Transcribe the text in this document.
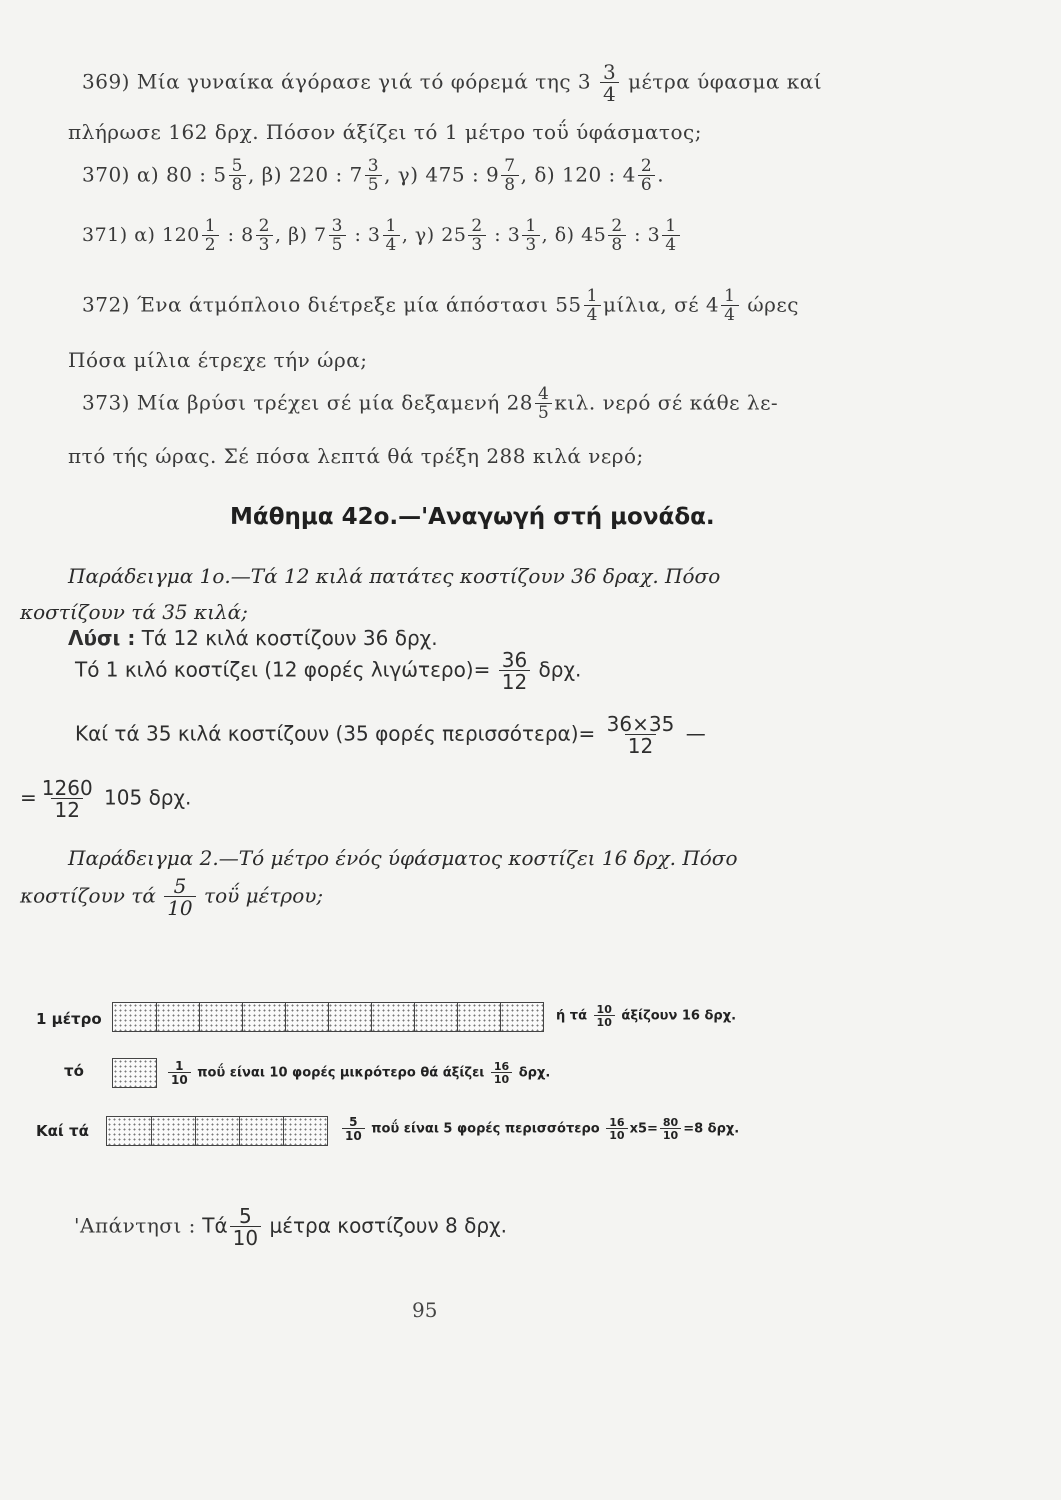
369) Μία γυναίκα άγόρασε γιά τό φόρεμά της $3 \frac{3}{4}$ μέτρα ύφασμα καί
πλήρωσε 162 δρχ. Πόσον άξίζει τό 1 μέτρο τοΰ ύφάσματος;
370) α) 80 : $5 \frac{5}{8}$ , β) 220 : $7 \frac{3}{5}$ , γ) 475 : $9 \frac{7}{8}$ , δ) 120 : $4 \frac{2}{6}$ .
371) α) $120 \frac{1}{2}$ : $8 \frac{2}{3}$ , β) $7 \frac{3}{5}$ : $3 \frac{1}{4}$ , γ) $25 \frac{2}{3}$ : $3 \frac{1}{3}$ , δ) $45 \frac{2}{8}$ : $3 \frac{1}{4}$
372) Ένα άτμόπλοιο διέτρεξε μία άπόστασι $55 \frac{1}{4} \mu ί\lambda\iota\alpha$, σέ $4 \frac{1}{4}$ ώρες
Πόσα μίλια έτρεχε τήν ώρα;
373) Μία βρύσι τρέχει σέ μία δεξαμενή $28 \frac{4}{5} \kappa\iota\lambda$. νερό σέ κάθε λε-
πτό τής ώρας. Σέ πόσα λεπτά θά τρέξη 288 κιλά νερό;
Μάθημα 42ο.—'Αναγωγή στή μονάδα.
Παράδειγμα 1ο.—Τά 12 κιλά πατάτες κοστίζουν 36 δραχ. Πόσο
κοστίζουν τά 35 κιλά;
Λύσι : Τά 12 κιλά κοστίζουν 36 δρχ.
Τό 1 κιλό κοστίζει (12 φορές $\lambda\iota\gamma ώ\tau\varepsilon\rho o)= \frac{36}{12} \delta\rho\chi$.
Καί τά 35 κιλά κοστίζουν (35 φορές $\pi\varepsilon\rho\iota\sigma\sigma ό\tau\varepsilon\rho\alpha)= \frac{36\times 35}{12}$ —
= $\frac{1260}{12} 105$ δρχ.
Παράδειγμα 2.—Τό μέτρο ένός ύφάσματος κοστίζει 16 δρχ. Πόσο
κοστίζουν τά $\frac{5}{10}$ τοΰ μέτρου;
1 μέτρο	ή τά $\frac{10}{10}$ άξίζουν 16 δρχ.
τό	$\frac{1}{10}$ ποΰ είναι 10 φορές μικρότερο θά άξίζει $\frac{16}{10} \delta\rho\chi$.
Καί τά	$\frac{5}{10}$ ποΰ είναι 5 φορές περισσότερο $\frac{16}{10} x5= \frac{80}{10} =8$ δρχ.
'Απάντησι : Τά $\frac{5}{10}$ μέτρα κοστίζουν 8 δρχ.
95
